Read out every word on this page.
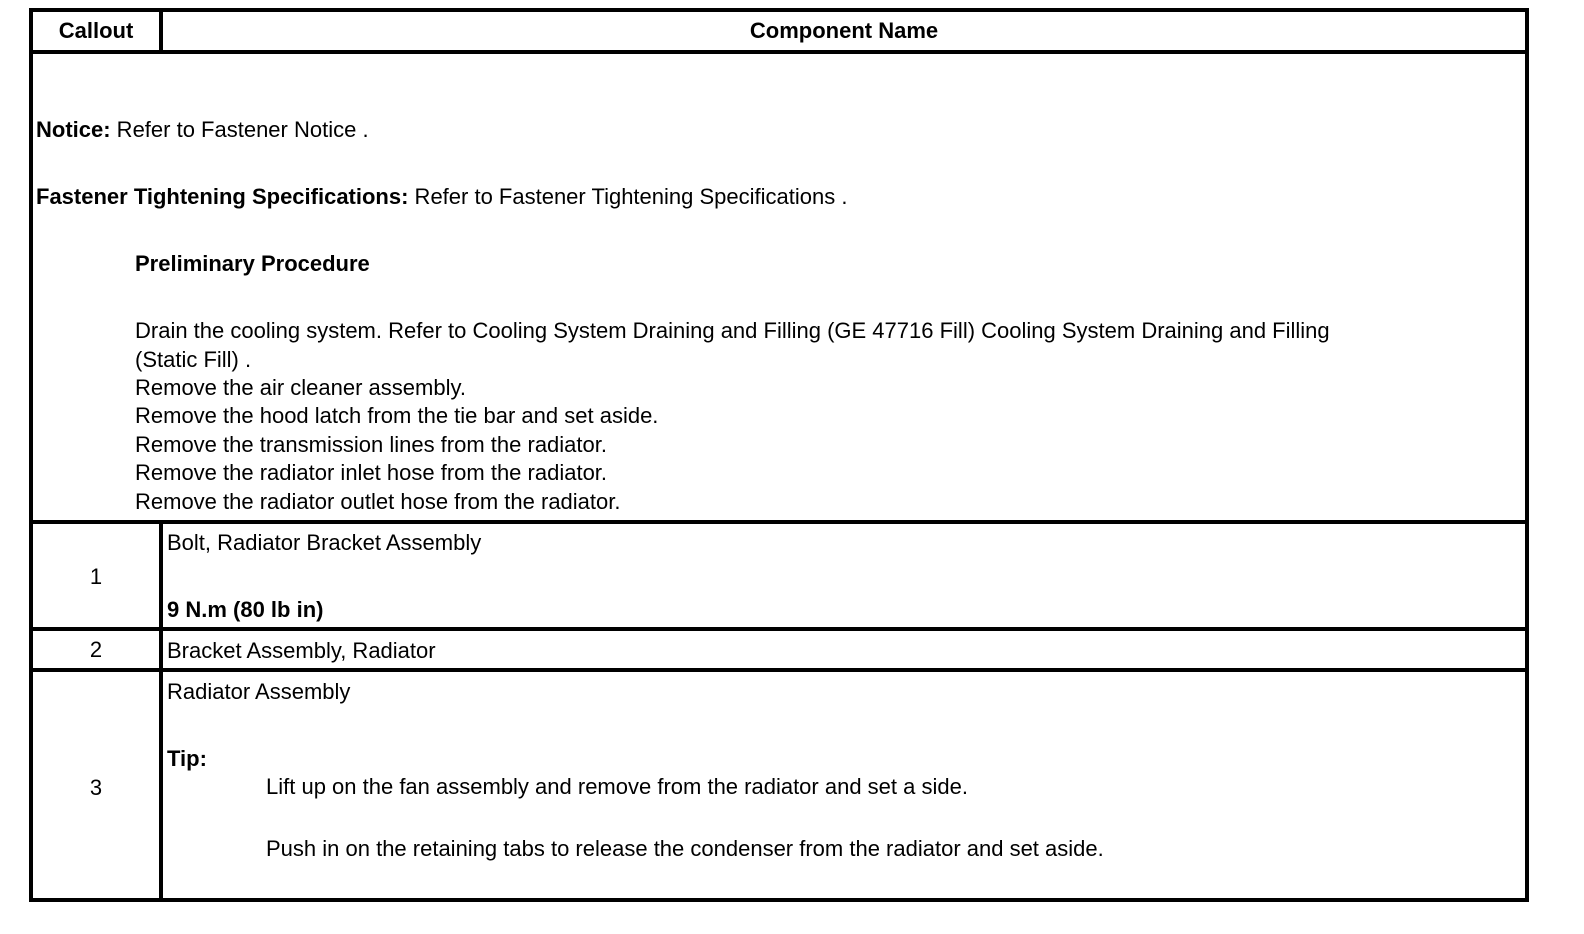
Callout	Component Name
Notice: Refer to Fastener Notice .
Fastener Tightening Specifications: Refer to Fastener Tightening Specifications .
Preliminary Procedure
Drain the cooling system. Refer to Cooling System Draining and Filling (GE 47716 Fill) Cooling System Draining and Filling
(Static Fill) .
Remove the air cleaner assembly.
Remove the hood latch from the tie bar and set aside.
Remove the transmission lines from the radiator.
Remove the radiator inlet hose from the radiator.
Remove the radiator outlet hose from the radiator.
1
Bolt, Radiator Bracket Assembly
9 N.m (80 lb in)
2	Bracket Assembly, Radiator
3
Radiator Assembly
Tip:
Lift up on the fan assembly and remove from the radiator and set a side.
Push in on the retaining tabs to release the condenser from the radiator and set aside.
